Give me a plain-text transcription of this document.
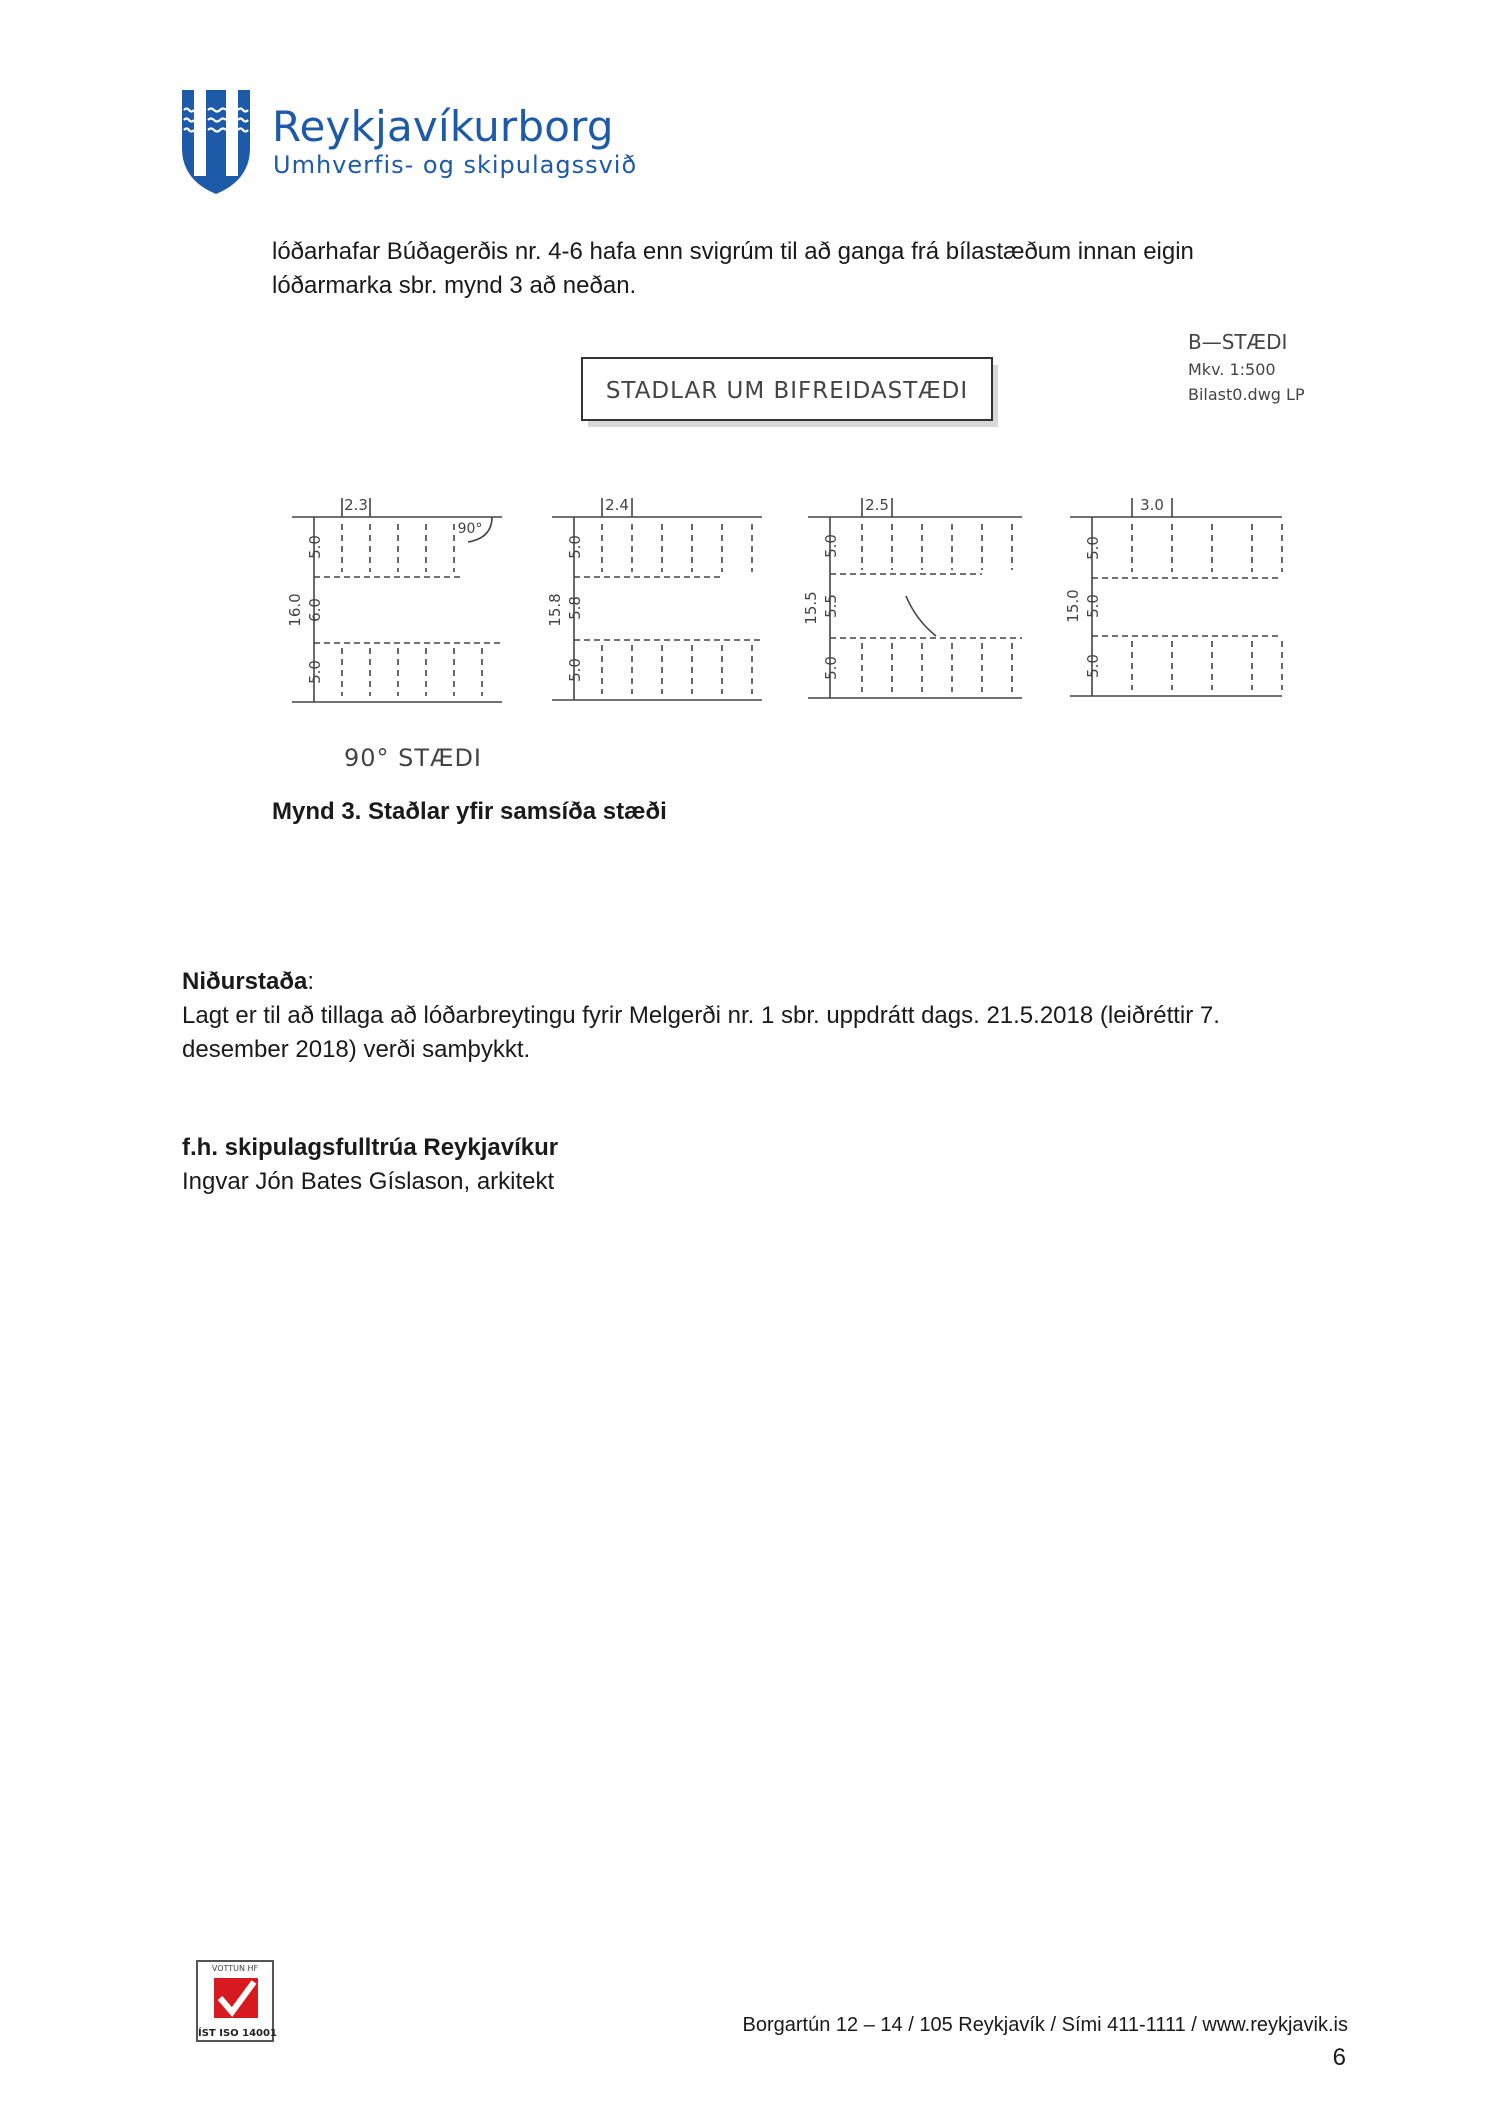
Reykjavíkurborg
Umhverfis- og skipulagssvið
lóðarhafar Búðagerðis nr. 4-6 hafa enn svigrúm til að ganga frá bílastæðum innan eigin
lóðarmarka sbr. mynd 3 að neðan.
STADLAR UM BIFREIDASTÆDI
B—STÆDI
Mkv. 1:500
Bilast0.dwg LP
2.3	2.4	2.5	3.0
90°
16.0
5.0
6.0
5.0
15.8
5.0
5.8
5.0
15.5
5.0
5.5
5.0
15.0
5.0
5.0
5.0
90° STÆDI
Mynd 3. Staðlar yfir samsíða stæði
Niðurstaða:
Lagt er til að tillaga að lóðarbreytingu fyrir Melgerði nr. 1 sbr. uppdrátt dags. 21.5.2018 (leiðréttir 7.
desember 2018) verði samþykkt.
f.h. skipulagsfulltrúa Reykjavíkur
Ingvar Jón Bates Gíslason, arkitekt
VOTTUN HF
ÍST ISO 14001	Borgartún 12 – 14 / 105 Reykjavík / Sími 411-1111 / www.reykjavik.is
6
